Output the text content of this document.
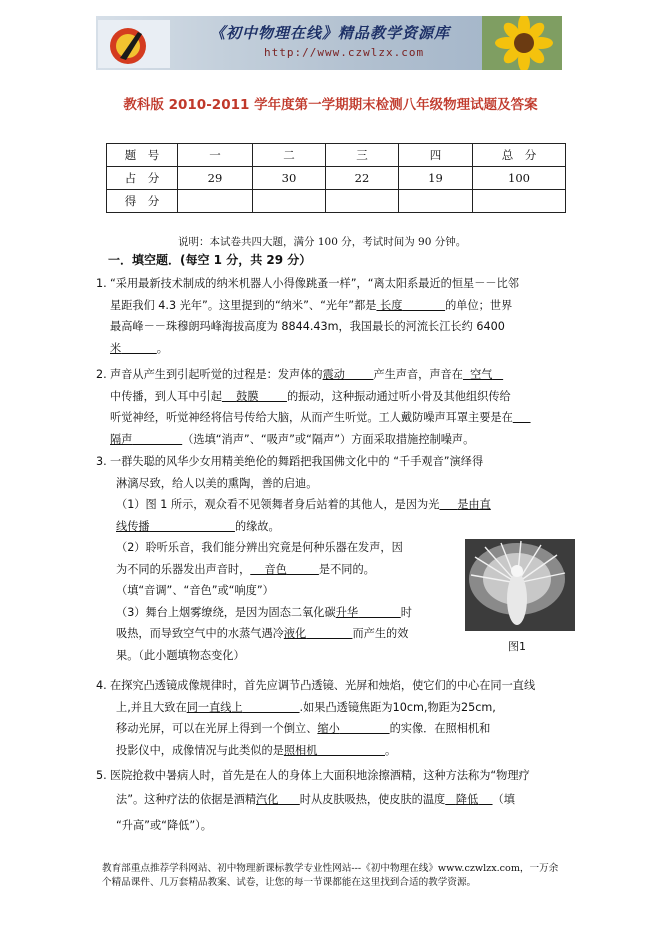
《初中物理在线》精品教学资源库
http://www.czwlzx.com
教科版 2010-2011 学年度第一学期期末检测八年级物理试题及答案
题　号	一	二	三	四	总　分
占　分	29	30	22	19	100
得　分					
说明：本试卷共四大题，满分 100 分，考试时间为 90 分钟。
一．填空题．(每空 1 分，共 29 分）
1. “采用最新技术制成的纳米机器人小得像跳蚤一样”，“离太阳系最近的恒星－－比邻

星距我们 4.3 光年”。这里提到的“纳米”、“光年”都是 长度	的单位；世界

最高峰－－珠穆朗玛峰海拔高度为 8844.43m，我国最长的河流长江长约 6400

米	。

2. 声音从产生到引起听觉的过程是：发声体的震动	产生声音，声音在 空气

中传播，到人耳中引起 鼓膜	的振动，这种振动通过听小骨及其他组织传给

听觉神经，听觉神经将信号传给大脑，从而产生听觉。工人戴防噪声耳罩主要是在

隔声	（选填“消声”、“吸声”或“隔声”）方面采取措施控制噪声。

3. 一群失聪的风华少女用精美绝伦的舞蹈把我国佛文化中的 “千手观音”演绎得

淋漓尽致，给人以美的熏陶，善的启迪。

（1）图 1 所示，观众看不见领舞者身后站着的其他人，是因为光 是由直

线传播	的缘故。

（2）聆听乐音，我们能分辨出究竟是何种乐器在发声，因

为不同的乐器发出声音时， 音色	是不同的。

（填“音调”、“音色”或“响度”）

（3）舞台上烟雾缭绕，是因为固态二氧化碳升华	时

吸热，而导致空气中的水蒸气遇冷液化	而产生的效

果。（此小题填物态变化）

图1
4. 在探究凸透镜成像规律时，首先应调节凸透镜、光屏和烛焰，使它们的中心在同一直线

上,并且大致在同一直线上	.如果凸透镜焦距为10cm,物距为25cm,

移动光屏，可以在光屏上得到一个倒立、缩小	的实像．在照相机和

投影仪中，成像情况与此类似的是照相机	。

5. 医院抢救中暑病人时，首先是在人的身体上大面积地涂擦酒精，这种方法称为“物理疗

法”。这种疗法的依据是酒精汽化 时从皮肤吸热，使皮肤的温度 降低 （填

“升高”或“降低”）。

教育部重点推荐学科网站、初中物理新课标教学专业性网站---《初中物理在线》www.czwlzx.com，一万余
个精品课件、几万套精品教案、试卷，让您的每一节课都能在这里找到合适的教学资源。
